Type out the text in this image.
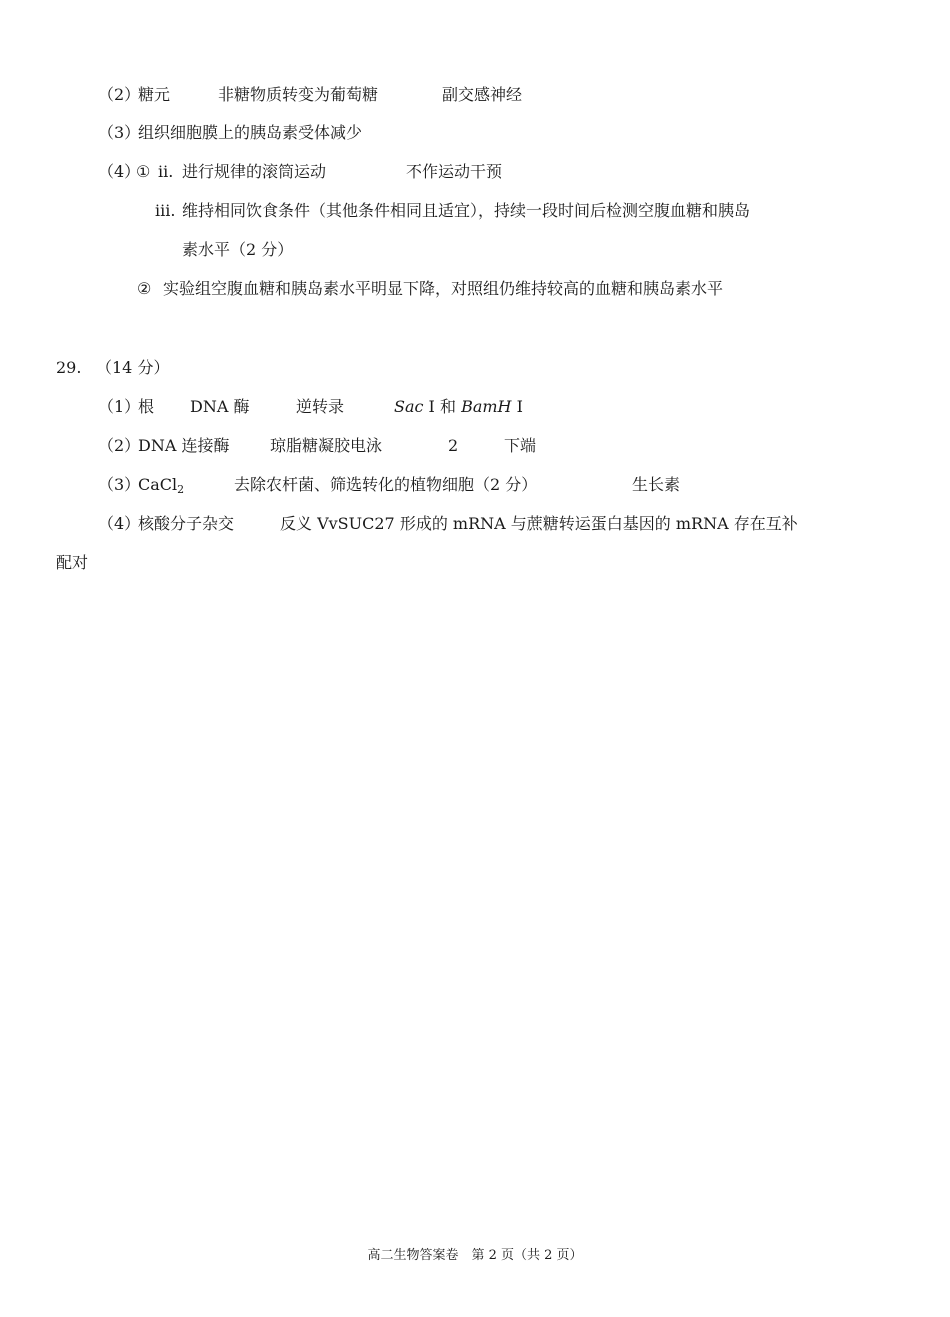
（2）
糖元	非糖物质转变为葡萄糖	副交感神经
（3）
组织细胞膜上的胰岛素受体减少
（4）
① ii. 进行规律的滚筒运动	不作运动干预
iii. 维持相同饮食条件（其他条件相同且适宜），持续一段时间后检测空腹血糖和胰岛
素水平（2 分）
② 实验组空腹血糖和胰岛素水平明显下降，对照组仍维持较高的血糖和胰岛素水平
29. （14 分）
（1）
根 DNA 酶	逆转录	Sac I 和 BamH I
（2）
DNA 连接酶	琼脂糖凝胶电泳	2	下端
（3）
CaCl$_2$	去除农杆菌、筛选转化的植物细胞（2 分）	生长素
（4）
核酸分子杂交	反义 VvSUC27 形成的 mRNA 与蔗糖转运蛋白基因的 mRNA 存在互补
配对
高二生物答案卷　第 2 页（共 2 页）
